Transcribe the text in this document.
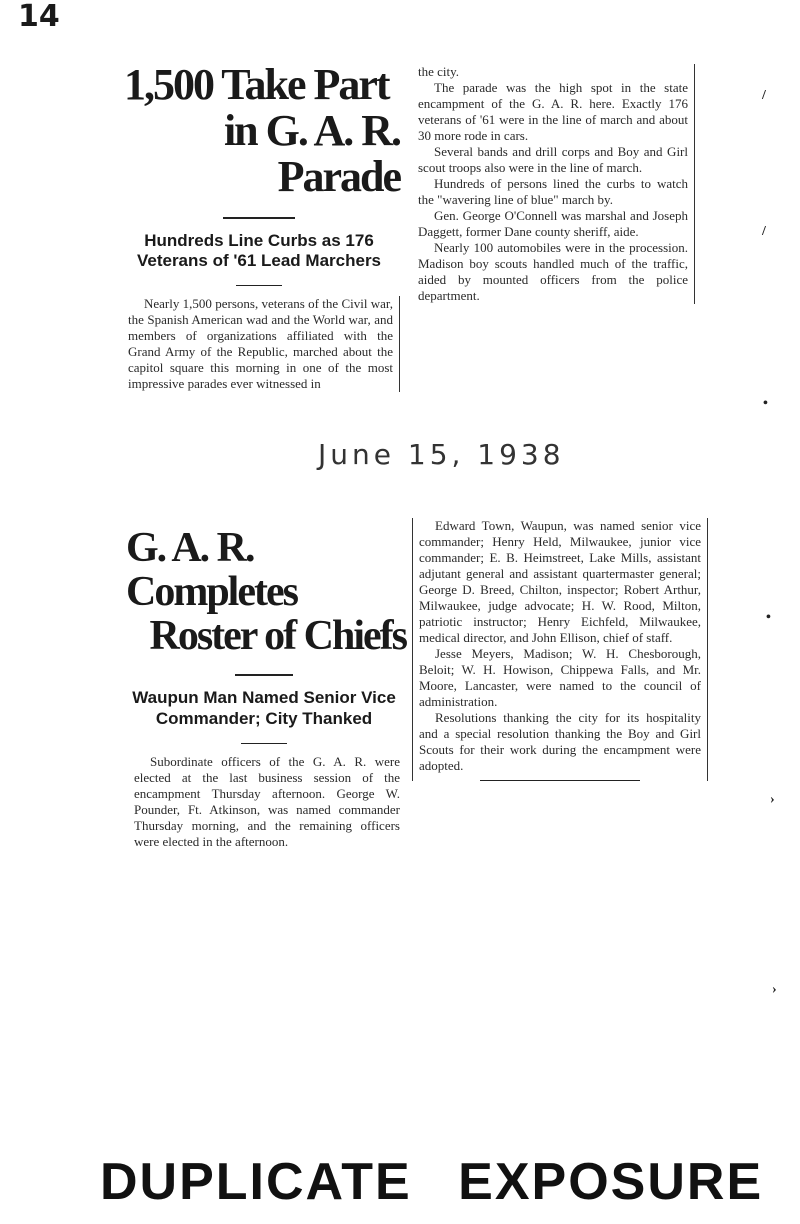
14
1,500 Take Part
in G. A. R. Parade
Hundreds Line Curbs as 176 Veterans of '61 Lead Marchers

Nearly 1,500 persons, veterans of the Civil war, the Spanish American wad and the World war, and members of organizations affiliated with the Grand Army of the Republic, marched about the capitol square this morning in one of the most impressive parades ever witnessed in

the city.

The parade was the high spot in the state encampment of the G. A. R. here. Exactly 176 veterans of '61 were in the line of march and about 30 more rode in cars.

Several bands and drill corps and Boy and Girl scout troops also were in the line of march.

Hundreds of persons lined the curbs to watch the "wavering line of blue" march by.

Gen. George O'Connell was marshal and Joseph Daggett, former Dane county sheriff, aide.

Nearly 100 automobiles were in the procession. Madison boy scouts handled much of the traffic, aided by mounted officers from the police department.

June 15, 1938
G. A. R. Completes
Roster of Chiefs
Waupun Man Named Senior Vice Commander; City Thanked

Subordinate officers of the G. A. R. were elected at the last business session of the encampment Thursday afternoon. George W. Pounder, Ft. Atkinson, was named commander Thursday morning, and the remaining officers were elected in the afternoon.

Edward Town, Waupun, was named senior vice commander; Henry Held, Milwaukee, junior vice commander; E. B. Heimstreet, Lake Mills, assistant adjutant general and assistant quartermaster general; George D. Breed, Chilton, inspector; Robert Arthur, Milwaukee, judge advocate; H. W. Rood, Milton, patriotic instructor; Henry Eichfeld, Milwaukee, medical director, and John Ellison, chief of staff.

Jesse Meyers, Madison; W. H. Chesborough, Beloit; W. H. Howison, Chippewa Falls, and Mr. Moore, Lancaster, were named to the council of administration.

Resolutions thanking the city for its hospitality and a special resolution thanking the Boy and Girl Scouts for their work during the encampment were adopted.

/
/
•
•
›
›
DUPLICATE EXPOSURE
